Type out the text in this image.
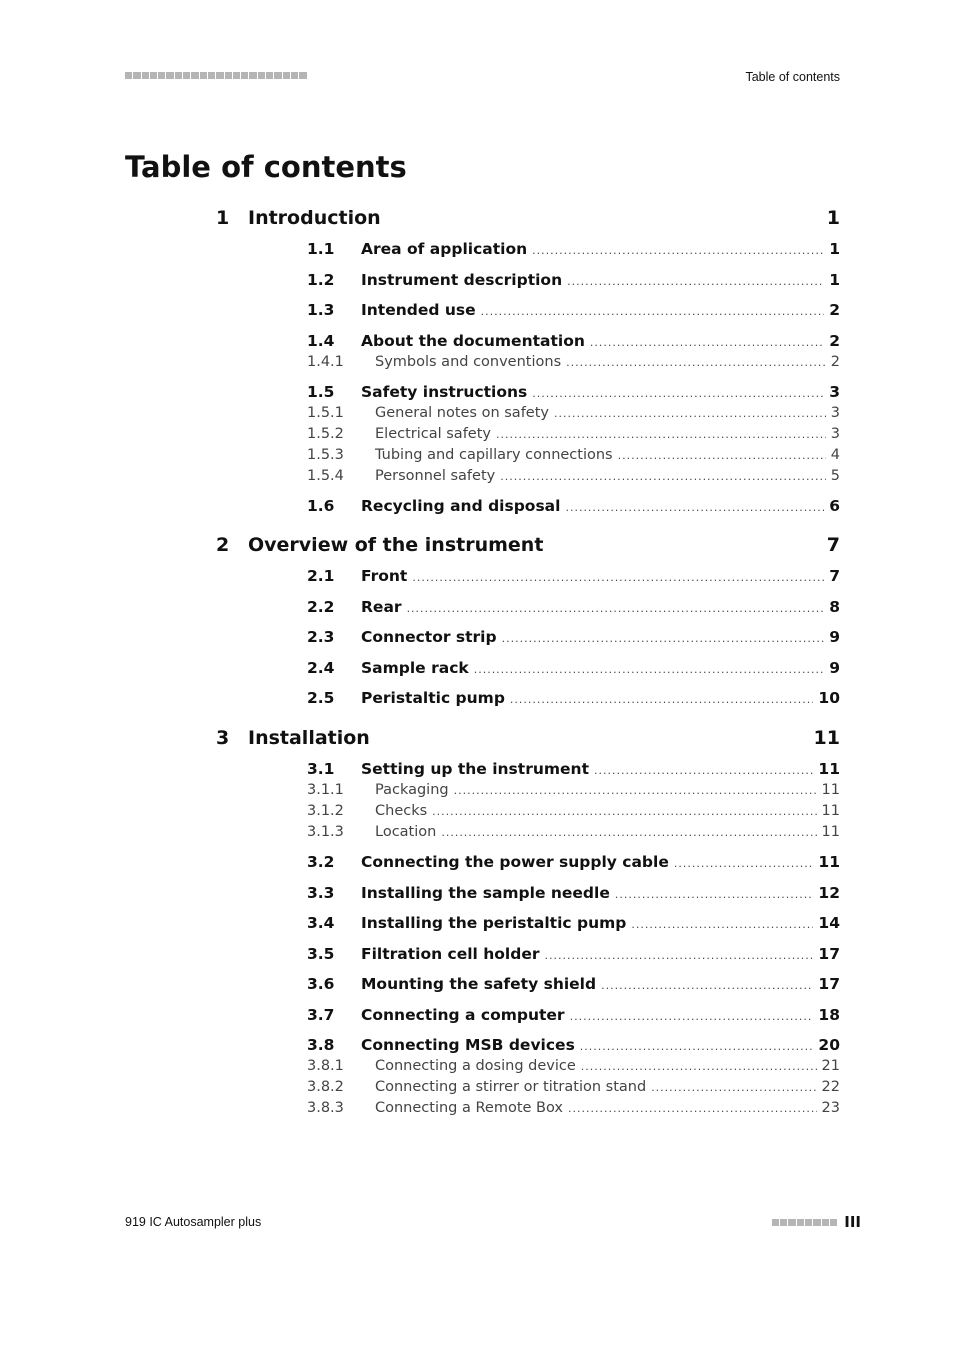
Table of contents
Table of contents
1 Introduction	1
1.1 Area of application .....	1
1.2 Instrument description .....	1
1.3 Intended use .....	2
1.4 About the documentation .....	2
1.4.1 Symbols and conventions .....	2
1.5 Safety instructions .....	3
1.5.1 General notes on safety .....	3
1.5.2 Electrical safety .....	3
1.5.3 Tubing and capillary connections .....	4
1.5.4 Personnel safety .....	5
1.6 Recycling and disposal .....	6
2 Overview of the instrument	7
2.1 Front .....	7
2.2 Rear .....	8
2.3 Connector strip .....	9
2.4 Sample rack .....	9
2.5 Peristaltic pump .....	10
3 Installation	11
3.1 Setting up the instrument .....	11
3.1.1 Packaging .....	11
3.1.2 Checks .....	11
3.1.3 Location .....	11
3.2 Connecting the power supply cable .....	11
3.3 Installing the sample needle .....	12
3.4 Installing the peristaltic pump .....	14
3.5 Filtration cell holder .....	17
3.6 Mounting the safety shield .....	17
3.7 Connecting a computer .....	18
3.8 Connecting MSB devices .....	20
3.8.1 Connecting a dosing device .....	21
3.8.2 Connecting a stirrer or titration stand .....	22
3.8.3 Connecting a Remote Box .....	23
919 IC Autosampler plus	III
